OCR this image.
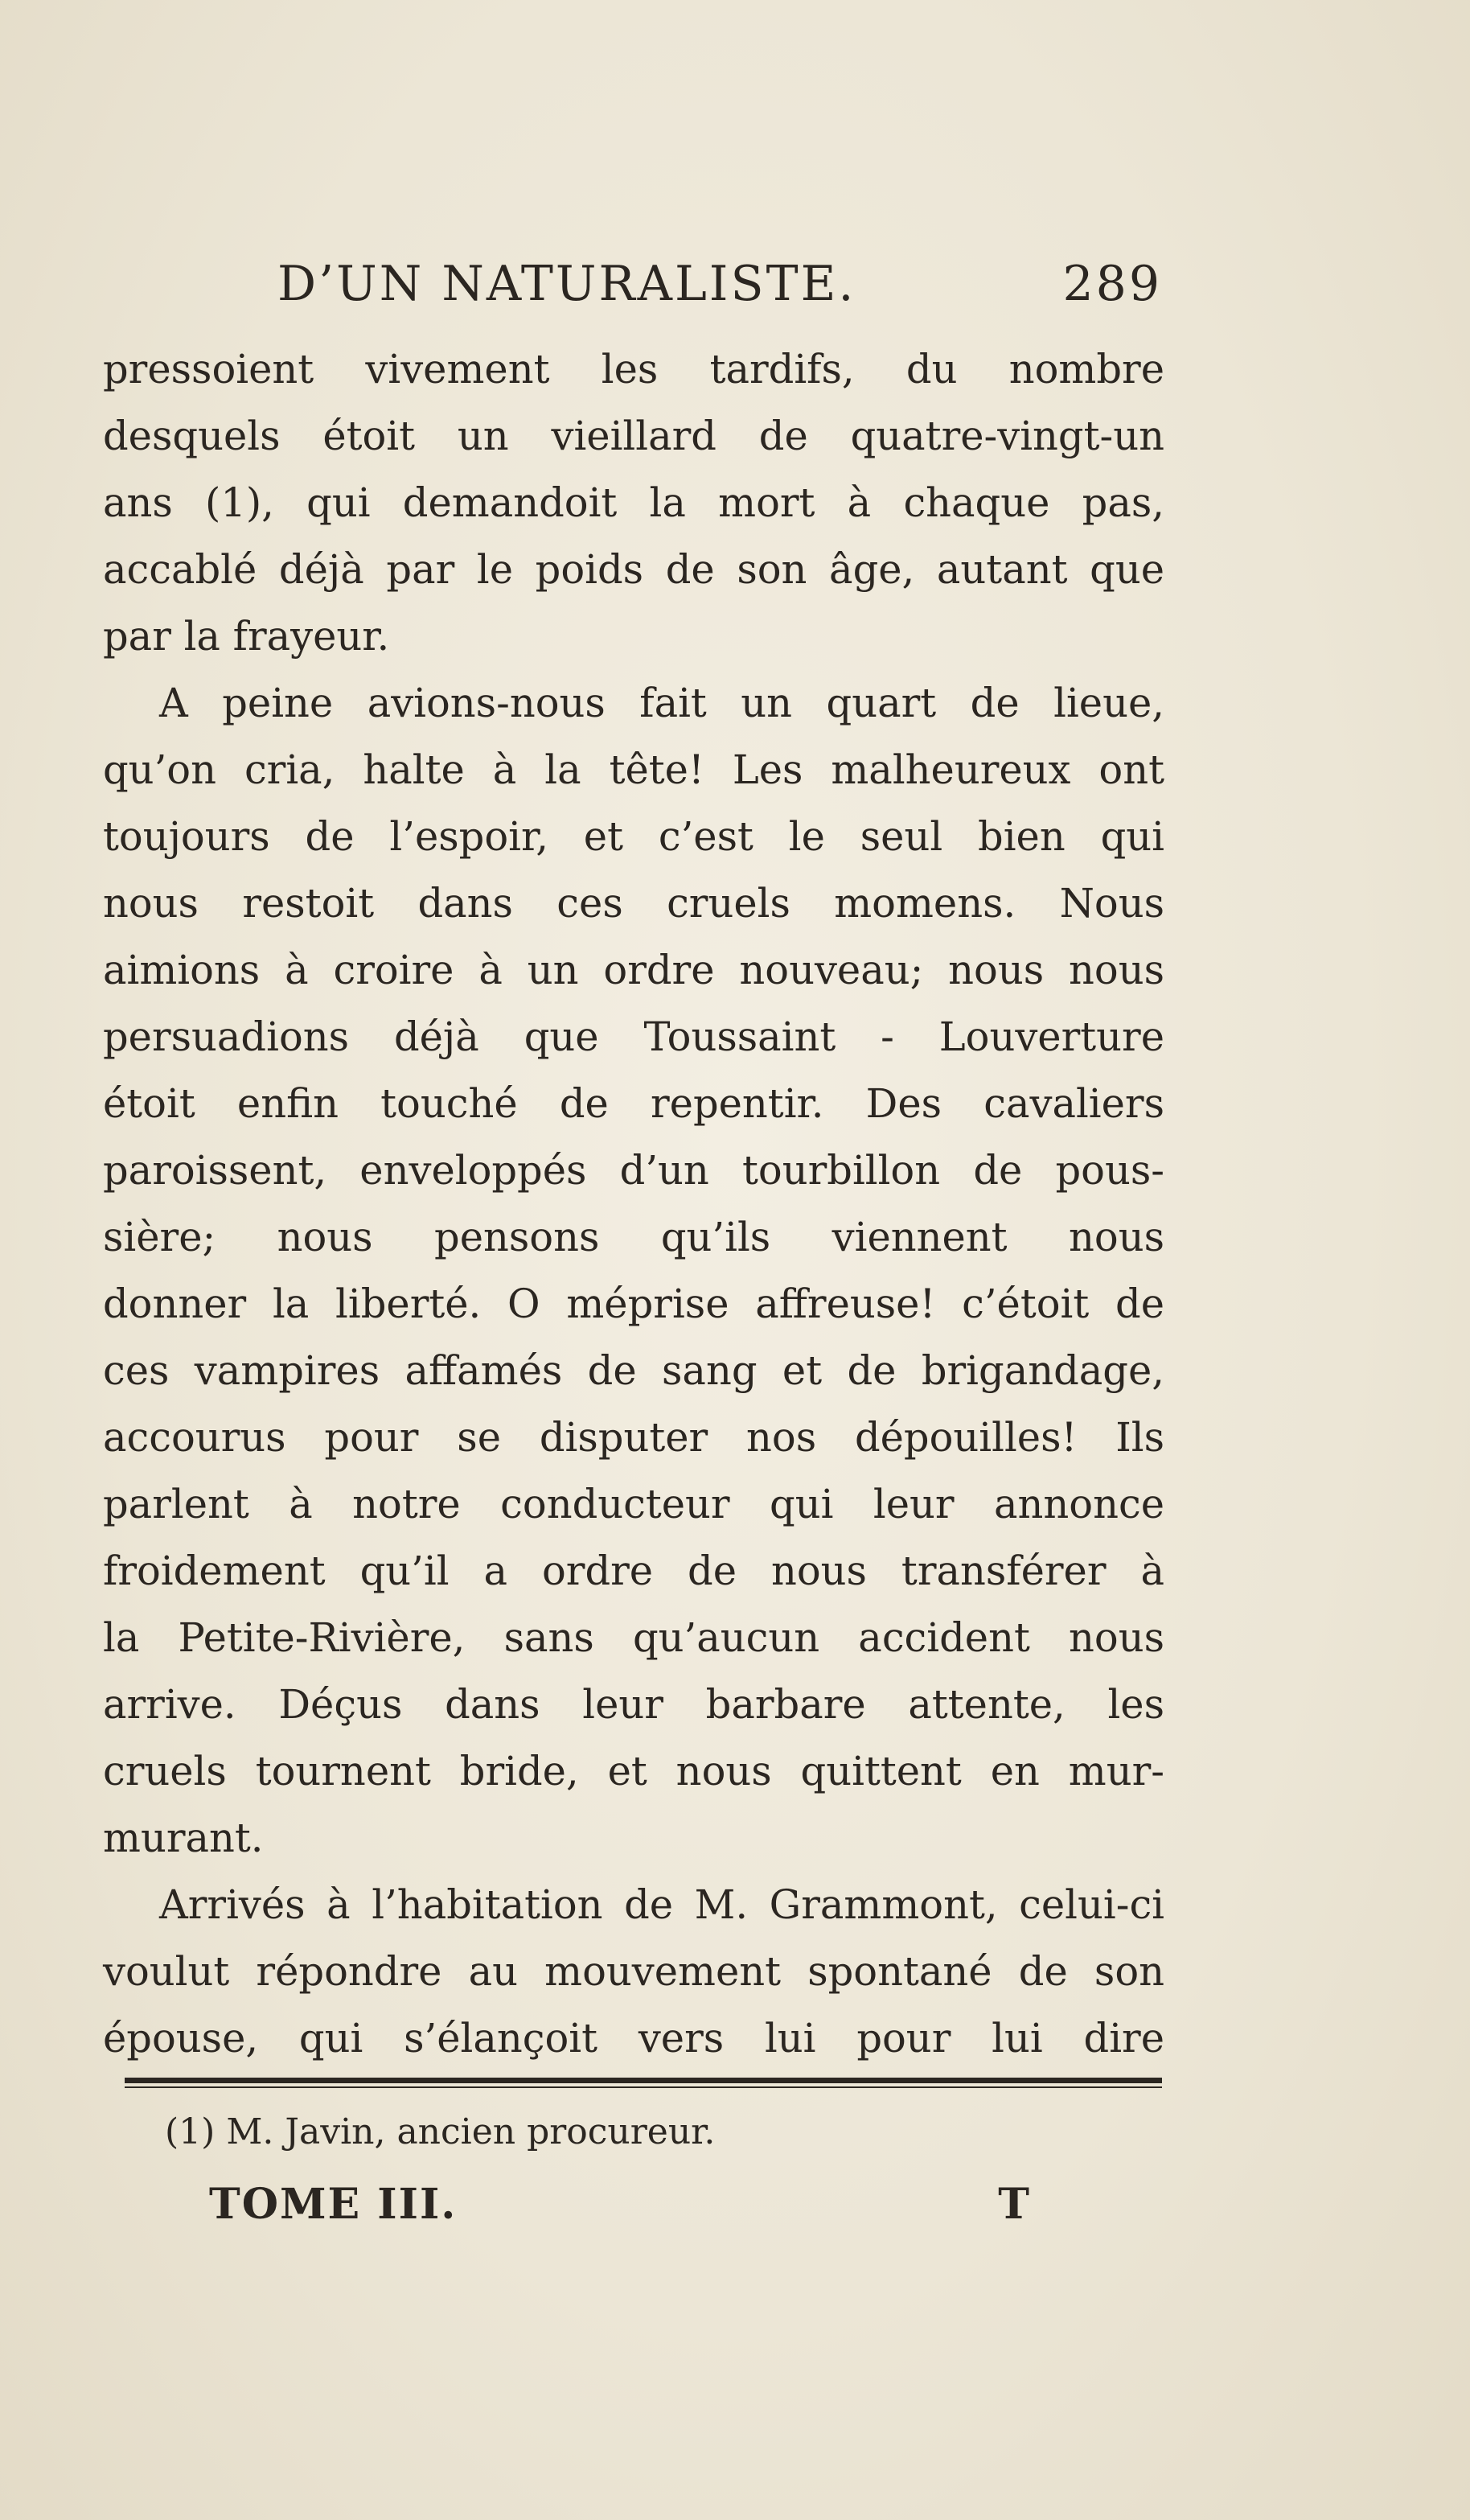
D’UN NATURALISTE.	289
pressoient vivement les tardifs, du nombre
desquels étoit un vieillard de quatre-vingt-un
ans (1), qui demandoit la mort à chaque pas,
accablé déjà par le poids de son âge, autant que
par la frayeur.
A peine avions-nous fait un quart de lieue,
qu’on cria, halte à la tête! Les malheureux ont
toujours de l’espoir, et c’est le seul bien qui
nous restoit dans ces cruels momens. Nous
aimions à croire à un ordre nouveau; nous nous
persuadions déjà que Toussaint - Louverture
étoit enfin touché de repentir. Des cavaliers
paroissent, enveloppés d’un tourbillon de pous-
sière; nous pensons qu’ils viennent nous
donner la liberté. O méprise affreuse! c’étoit de
ces vampires affamés de sang et de brigandage,
accourus pour se disputer nos dépouilles! Ils
parlent à notre conducteur qui leur annonce
froidement qu’il a ordre de nous transférer à
la Petite-Rivière, sans qu’aucun accident nous
arrive. Déçus dans leur barbare attente, les
cruels tournent bride, et nous quittent en mur-
murant.
Arrivés à l’habitation de M. Grammont, celui-ci
voulut répondre au mouvement spontané de son
épouse, qui s’élançoit vers lui pour lui dire
(1) M. Javin, ancien procureur.
TOME III.	T
